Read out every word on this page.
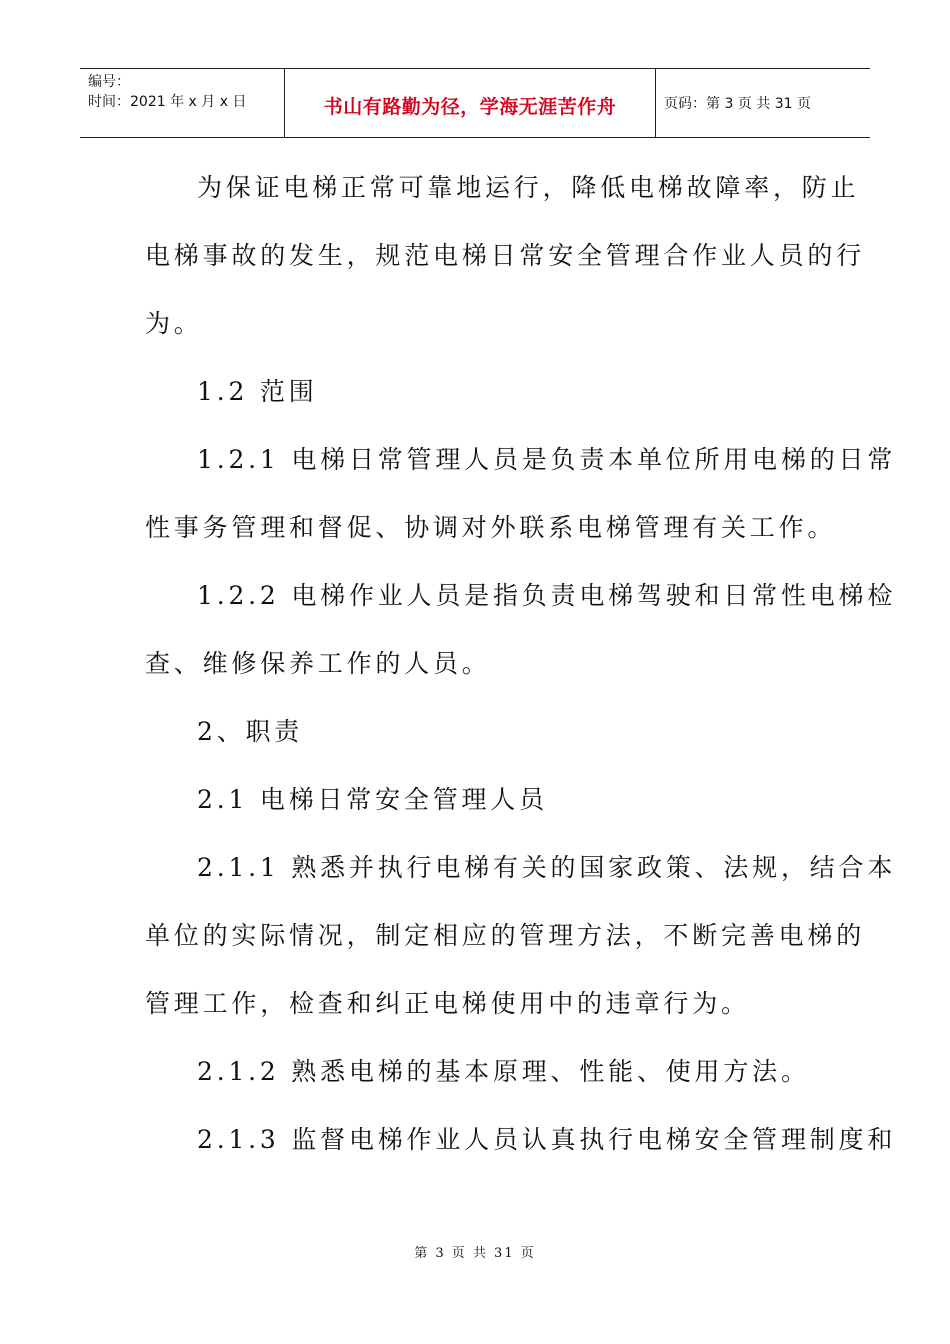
编号：
时间：2021 年 x 月 x 日	书山有路勤为径，学海无涯苦作舟	页码：第 3 页 共 31 页
为保证电梯正常可靠地运行，降低电梯故障率，防止
电梯事故的发生，规范电梯日常安全管理合作业人员的行
为。
1.2 范围
1.2.1 电梯日常管理人员是负责本单位所用电梯的日常
性事务管理和督促、协调对外联系电梯管理有关工作。
1.2.2 电梯作业人员是指负责电梯驾驶和日常性电梯检
查、维修保养工作的人员。
2、职责
2.1 电梯日常安全管理人员
2.1.1 熟悉并执行电梯有关的国家政策、法规，结合本
单位的实际情况，制定相应的管理方法，不断完善电梯的
管理工作，检查和纠正电梯使用中的违章行为。
2.1.2 熟悉电梯的基本原理、性能、使用方法。
2.1.3 监督电梯作业人员认真执行电梯安全管理制度和
第 3 页 共 31 页
